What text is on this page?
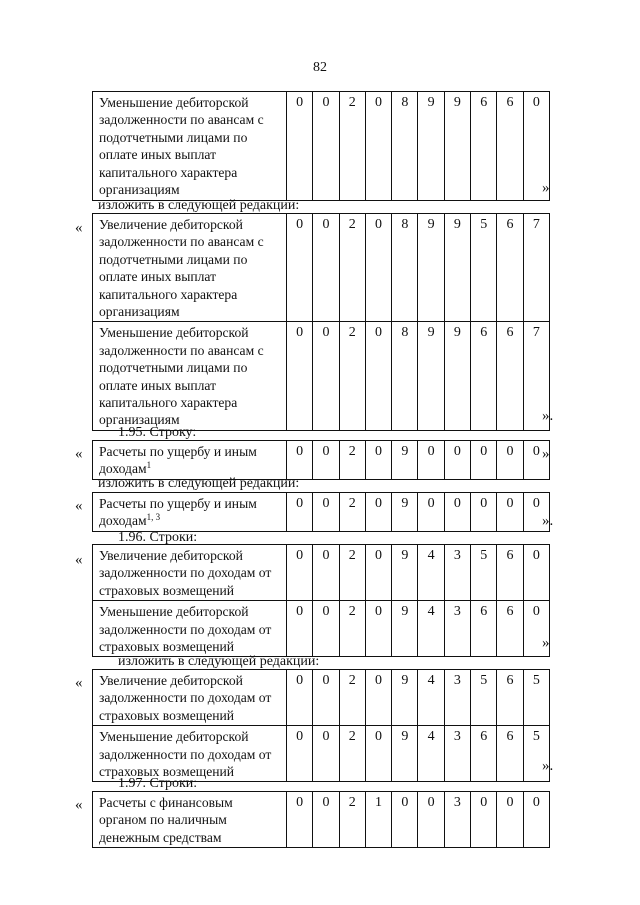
82
Уменьшение дебиторской задолженности по авансам с подотчетными лицами по оплате иных выплат капитального характера организациям	0	0	2	0	8	9	9	6	6	0
»
изложить в следующей редакции:
« Увеличение дебиторской задолженности по авансам с подотчетными лицами по оплате иных выплат капитального характера организациям	0	0	2	0	8	9	9	5	6	7
Уменьшение дебиторской задолженности по авансам с подотчетными лицами по оплате иных выплат капитального характера организациям	0	0	2	0	8	9	9	6	6	7
».
1.95. Строку:
« Расчеты по ущербу и иным доходам$^1$	0	0	2	0	9	0	0	0	0	0 »
изложить в следующей редакции:
« Расчеты по ущербу и иным доходам$^{1, 3}$	0	0	2	0	9	0	0	0	0	0
».
1.96. Строки:
« Увеличение дебиторской задолженности по доходам от страховых возмещений	0	0	2	0	9	4	3	5	6	0
Уменьшение дебиторской задолженности по доходам от страховых возмещений	0	0	2	0	9	4	3	6	6	0
»
изложить в следующей редакции:
« Увеличение дебиторской задолженности по доходам от страховых возмещений	0	0	2	0	9	4	3	5	6	5
Уменьшение дебиторской задолженности по доходам от страховых возмещений	0	0	2	0	9	4	3	6	6	5
».
1.97. Строки:
« Расчеты с финансовым органом по наличным денежным средствам	0	0	2	1	0	0	3	0	0	0
